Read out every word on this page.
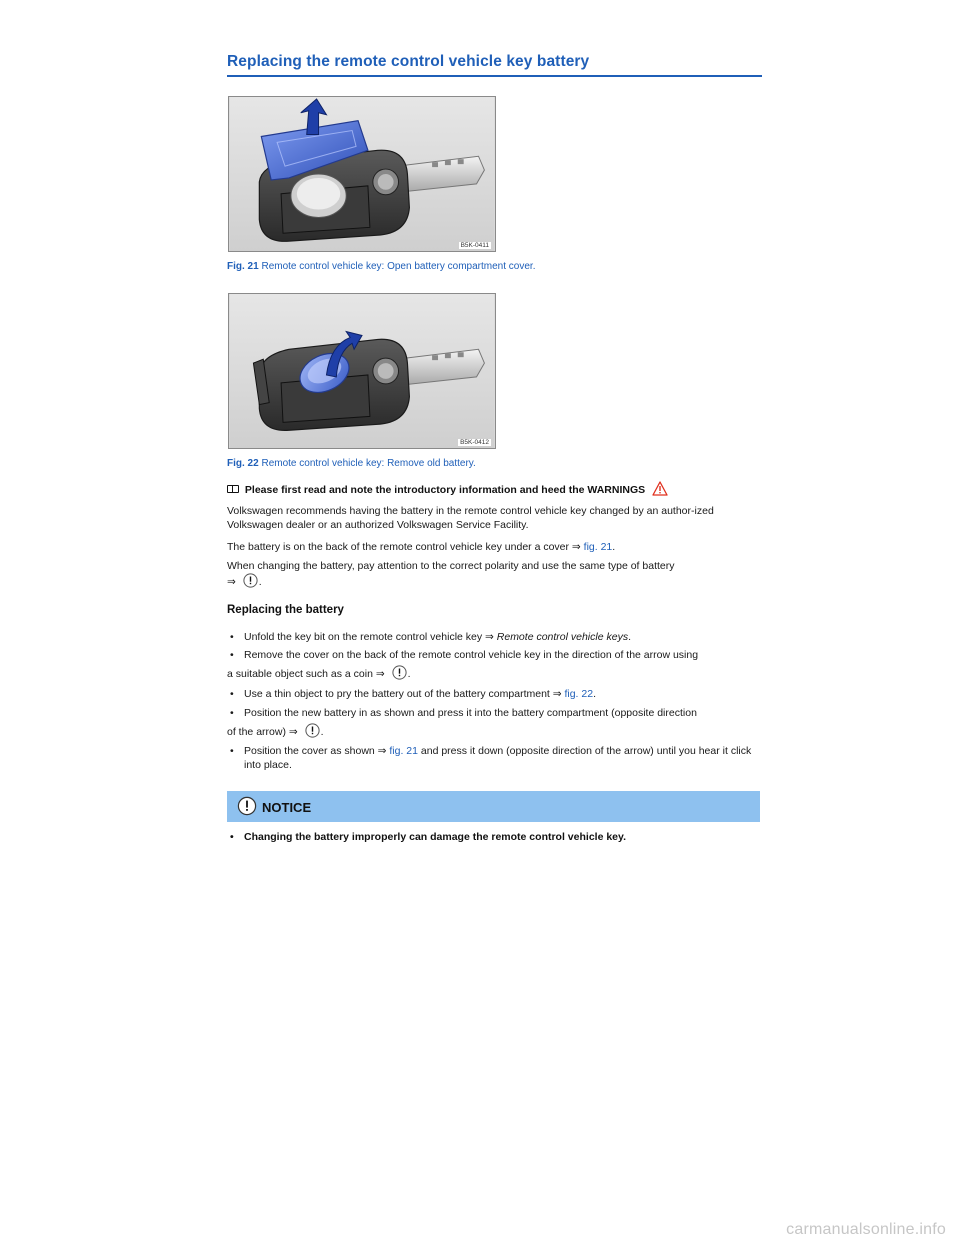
Replacing the remote control vehicle key battery
B5K-0411
Fig. 21 Remote control vehicle key: Open battery compartment cover.
B5K-0412
Fig. 22 Remote control vehicle key: Remove old battery.
Please first read and note the introductory information and heed the WARNINGS
Volkswagen recommends having the battery in the remote control vehicle key changed by an author-ized Volkswagen dealer or an authorized Volkswagen Service Facility.
The battery is on the back of the remote control vehicle key under a cover ⇒ fig. 21.
When changing the battery, pay attention to the correct polarity and use the same type of battery
⇒ .
Replacing the battery
• Unfold the key bit on the remote control vehicle key ⇒ Remote control vehicle keys.
• Remove the cover on the back of the remote control vehicle key in the direction of the arrow using
a suitable object such as a coin ⇒ .
• Use a thin object to pry the battery out of the battery compartment ⇒ fig. 22.
• Position the new battery in as shown and press it into the battery compartment (opposite direction
of the arrow) ⇒ .
• Position the cover as shown ⇒ fig. 21 and press it down (opposite direction of the arrow) until you hear it click into place.
NOTICE
• Changing the battery improperly can damage the remote control vehicle key.
carmanualsonline.info
